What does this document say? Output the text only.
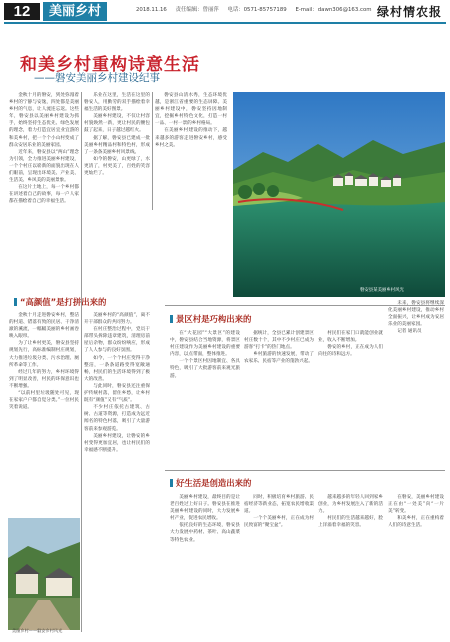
12	美丽乡村	2018.11.16 责任编辑：曾丽萍 电话：0571-85757189 E-mail：dawn306@163.com 绿村情农报
和美乡村重构诗意生活
——磐安美丽乡村建设纪事

金秋十月的磐安，到处弥漫着乡村的宁静与安逸，四处都是美丽乡村的气息，让人流连忘返。这些年，磐安县以美丽乡村建设为抓手，始终坚持生态优先、绿色发展的理念，着力打造宜居宜业宜游的和美乡村，把一个个小山村变成了群众安居乐业的美丽家园。

近年来，磐安县以“两山”理念为引领，全力推进美丽乡村建设，一个个村庄以崭新的面貌出现在人们眼前，呈现出环境美、产业美、生活美、乡风美的美丽景象。

在这片土地上，每一个乡村都在讲述着自己的故事，每一户人家都在描绘着自己的幸福生活。

乐业在这里，生活在这里的磐安人，用勤劳的双手描绘着幸福生活的美好图景。

美丽乡村建设，不仅让村容村貌焕然一新，更让村民的腰包鼓了起来，日子越过越红火。

据了解，磐安县已建成一批美丽乡村精品村和特色村，形成了一条条美丽乡村风景线。

如今的磐安，山更绿了，水更清了，村更美了，百姓的笑容更灿烂了。

磐安县山清水秀，生态环境优越，是浙江省重要的生态屏障。美丽乡村建设中，磐安坚持因地制宜，挖掘乡村特色文化，打造一村一品、一村一景的乡村格局。

在美丽乡村建设的推动下，越来越多的游客走进磐安乡村，感受乡村之美。

磐安县某美丽乡村风光
“高颜值”是打拼出来的

金秋十月走进磐安乡村，整洁的村道、错落有致的民居、干净清澈的溪流，一幅幅美丽的乡村画卷映入眼帘。

为了让乡村更美，磐安县坚持规划先行，高标准编制村庄规划，大力推进垃圾分类、污水治理、厕所革命等工作。

经过几年的努力，乡村环境得到了明显改善，村民的环保意识也不断增强。

“以前村里垃圾随处可见，现在家家户户都自觉分类。”一位村民笑着说道。

美丽乡村的“高颜值”，离不开干部群众的共同努力。

在村庄整治过程中，党员干部带头拆除违章建筑，清理房前屋后杂物，群众纷纷响应，形成了人人参与的良好氛围。

如今，一个个村庄变得干净整洁，一条条道路变得宽敞通畅，村民们的生活环境得到了极大的改善。

与此同时，磐安县还注重保护传统村落，留住乡愁，让乡村既有“颜值”又有“气质”。

不少村庄依托古建筑、古树、古道等资源，打造成为远近闻名的特色村落，吸引了大量游客前来参观游览。

美丽乡村建设，让磐安的乡村变得更加宜居，也让村民们的幸福感不断提升。

美丽乡村——磐安乡村风光
景区村是巧构出来的

在“大花园”“大景区”的建设中，磐安县结合当地资源，将景区村庄建设作为美丽乡村建设的重要内容，以点带面，整体推进。

一个个景区村因地制宜、各具特色，吸引了大批游客前来观光旅游。

据统计，全县已累计创建景区村庄数十个，其中不少村庄已成为游客“打卡”的热门地点。

乡村旅游的快速发展，带动了农家乐、民宿等产业的蓬勃兴起。

村民们在家门口就能创业就业，收入不断增加。

磐安的乡村，正在成为人们向往的诗和远方。

未来，磐安县将继续深化美丽乡村建设，推动乡村全面振兴，让乡村成为安居乐业的美丽家园。

记者 通讯员

好生活是创造出来的

美丽乡村建设，最终目的是让老百姓过上好日子。磐安县在推进美丽乡村建设的同时，大力发展乡村产业，促进农民增收。

依托良好的生态环境，磐安县大力发展中药材、茶叶、高山蔬菜等特色农业。

同时，积极培育乡村旅游、民宿经济等新业态，拓宽农民增收渠道。

一个个美丽乡村，正在成为村民致富的“聚宝盆”。

越来越多的年轻人回到家乡创业，为乡村发展注入了新的活力。

村民们的生活越来越好，脸上洋溢着幸福的笑容。

在磐安，美丽乡村建设正在由“一处美”向“一片美”转变。

和美乡村，正在重构着人们的诗意生活。
